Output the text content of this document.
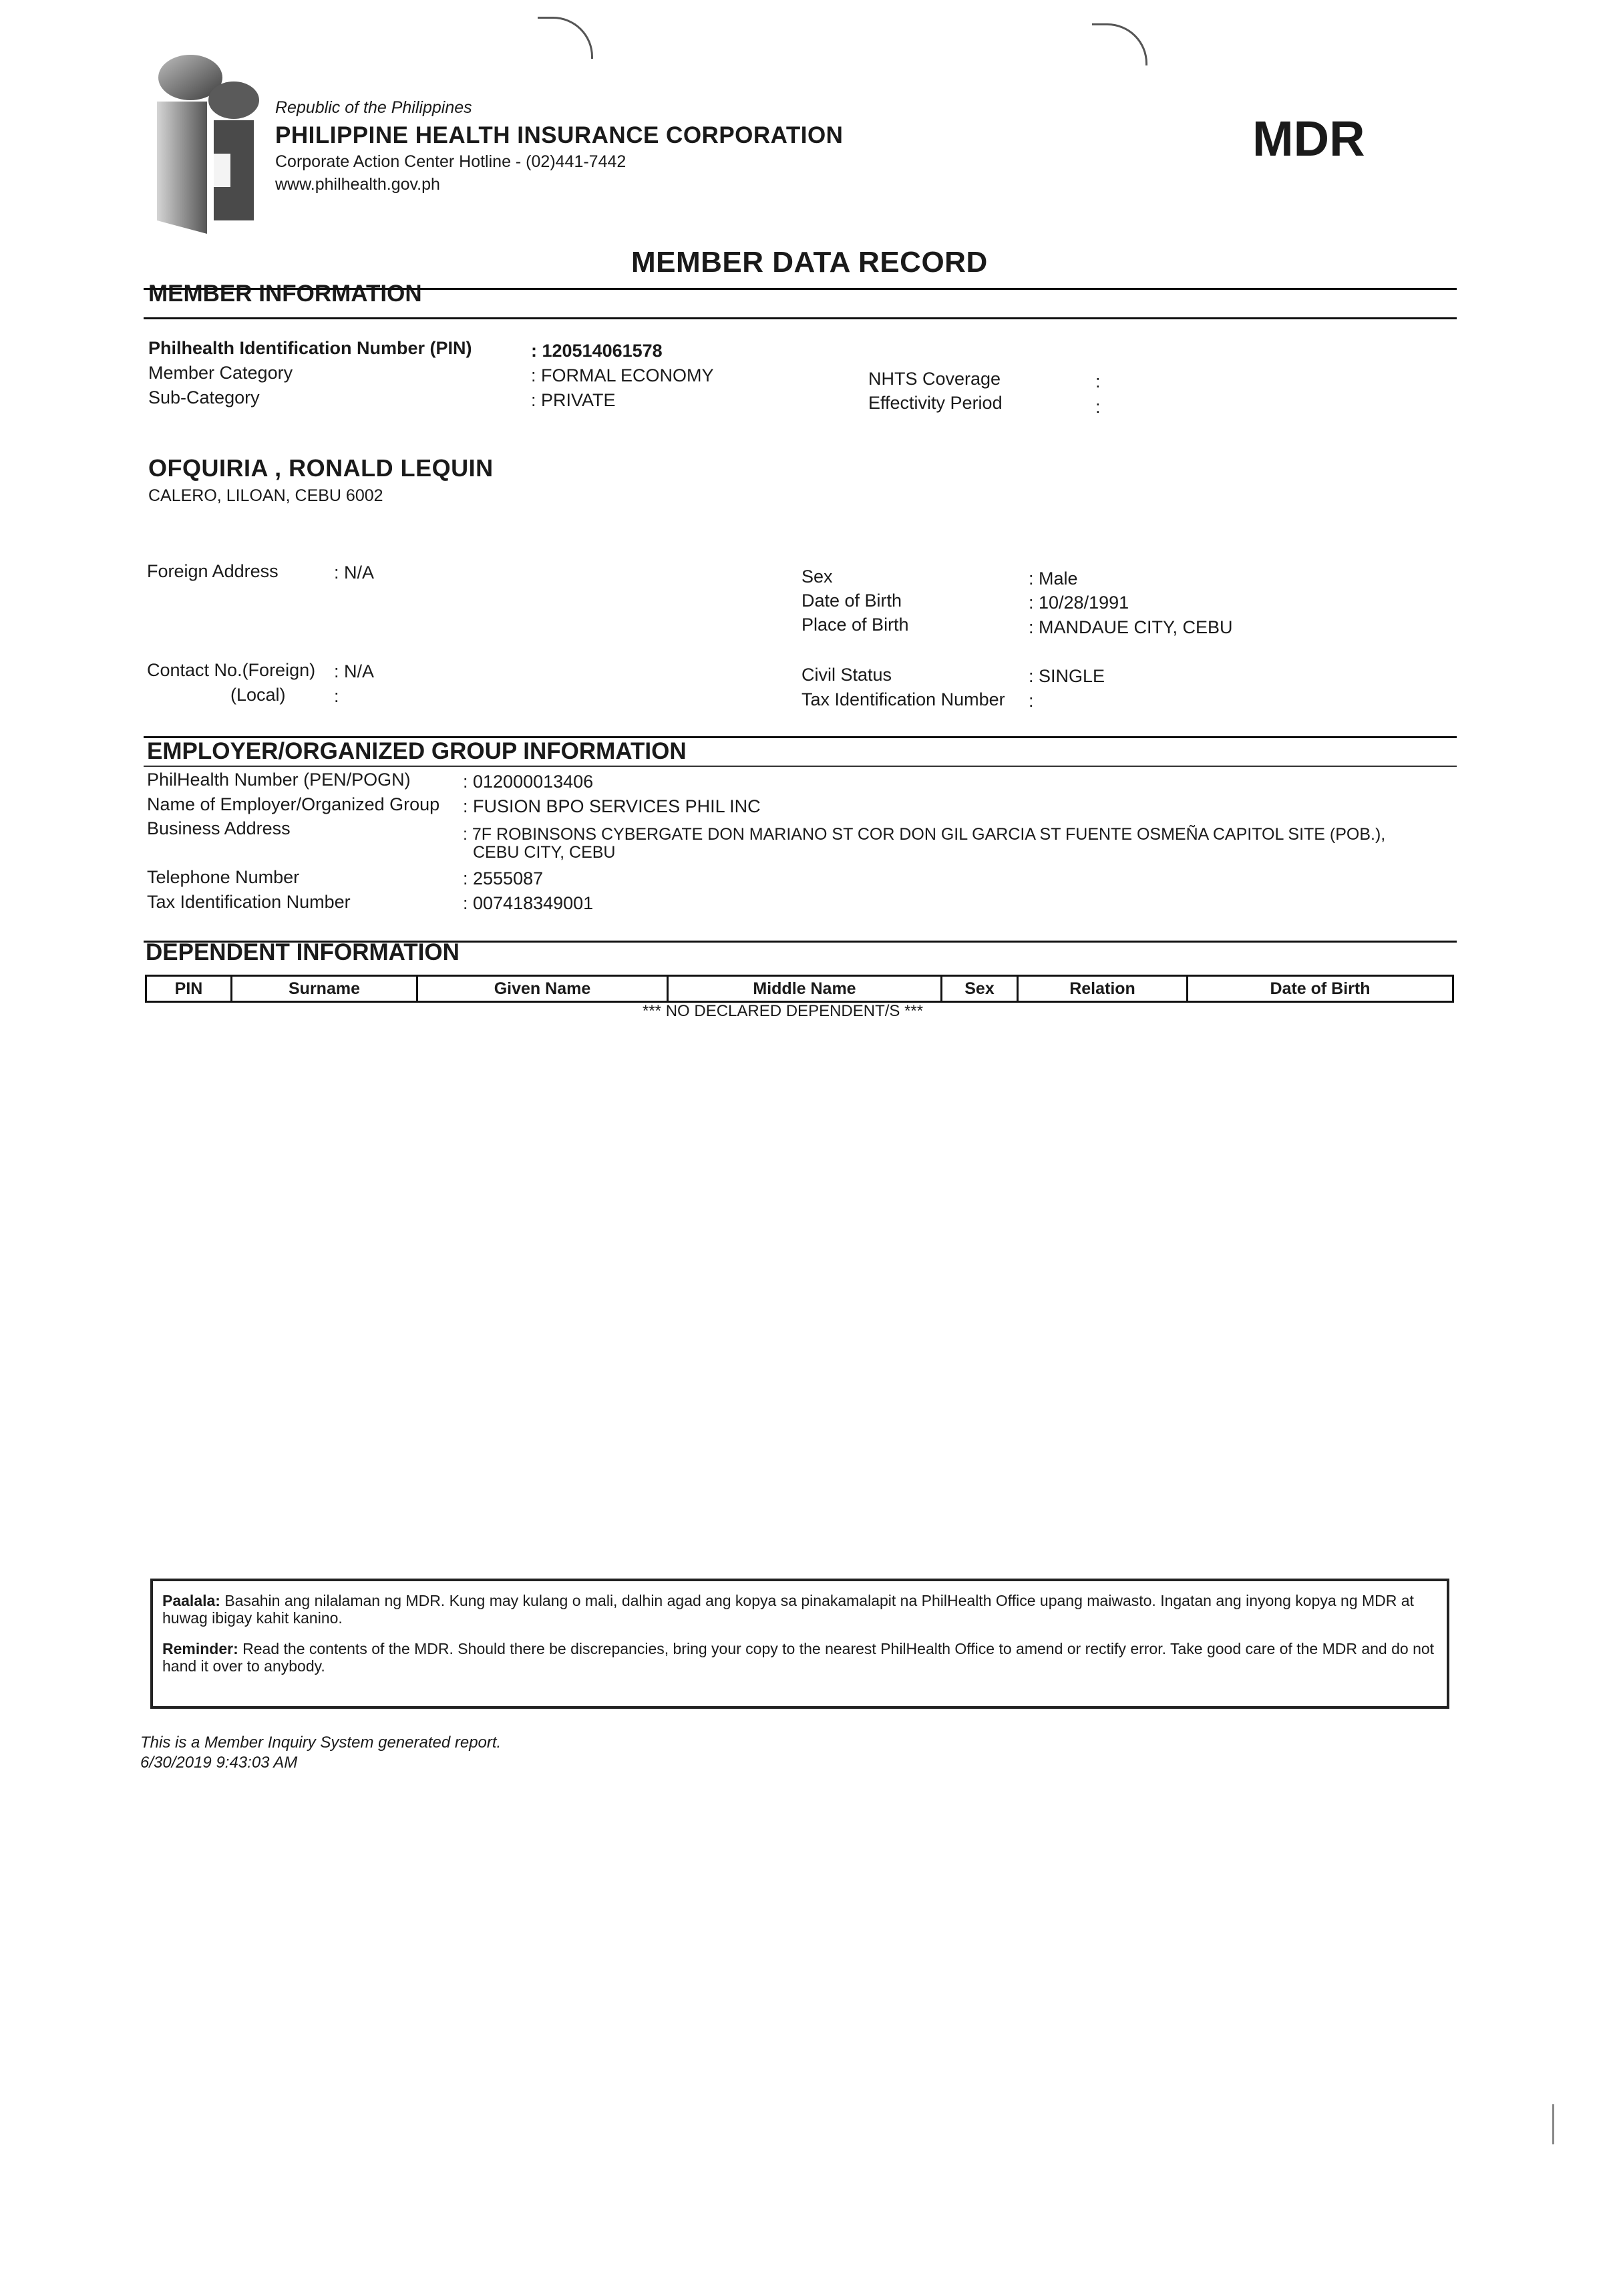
Republic of the Philippines
PHILIPPINE HEALTH INSURANCE CORPORATION
Corporate Action Center Hotline - (02)441-7442
www.philhealth.gov.ph
MDR
MEMBER DATA RECORD
MEMBER INFORMATION
Philhealth Identification Number (PIN)	: 120514061578
Member Category	: FORMAL ECONOMY
Sub-Category	: PRIVATE
NHTS Coverage	:
Effectivity Period	:
OFQUIRIA , RONALD LEQUIN
CALERO, LILOAN, CEBU 6002
Foreign Address	: N/A	Sex	: Male
Date of Birth	: 10/28/1991
Place of Birth	: MANDAUE CITY, CEBU
Contact No.(Foreign) : N/A
(Local)	:
Civil Status	: SINGLE
Tax Identification Number :
EMPLOYER/ORGANIZED GROUP INFORMATION
PhilHealth Number (PEN/POGN)	: 012000013406
Name of Employer/Organized Group : FUSION BPO SERVICES PHIL INC
Business Address	: 7F ROBINSONS CYBERGATE DON MARIANO ST COR DON GIL GARCIA ST FUENTE OSMEÑA CAPITOL SITE (POB.),
CEBU CITY, CEBU
Telephone Number	: 2555087
Tax Identification Number	: 007418349001
DEPENDENT INFORMATION
PIN	Surname	Given Name	Middle Name	Sex	Relation	Date of Birth
*** NO DECLARED DEPENDENT/S ***

Paalala: Basahin ang nilalaman ng MDR. Kung may kulang o mali, dalhin agad ang kopya sa pinakamalapit na PhilHealth Office upang maiwasto. Ingatan ang inyong kopya ng MDR at huwag ibigay kahit kanino.

Reminder: Read the contents of the MDR. Should there be discrepancies, bring your copy to the nearest PhilHealth Office to amend or rectify error. Take good care of the MDR and do not hand it over to anybody.

This is a Member Inquiry System generated report.
6/30/2019 9:43:03 AM
